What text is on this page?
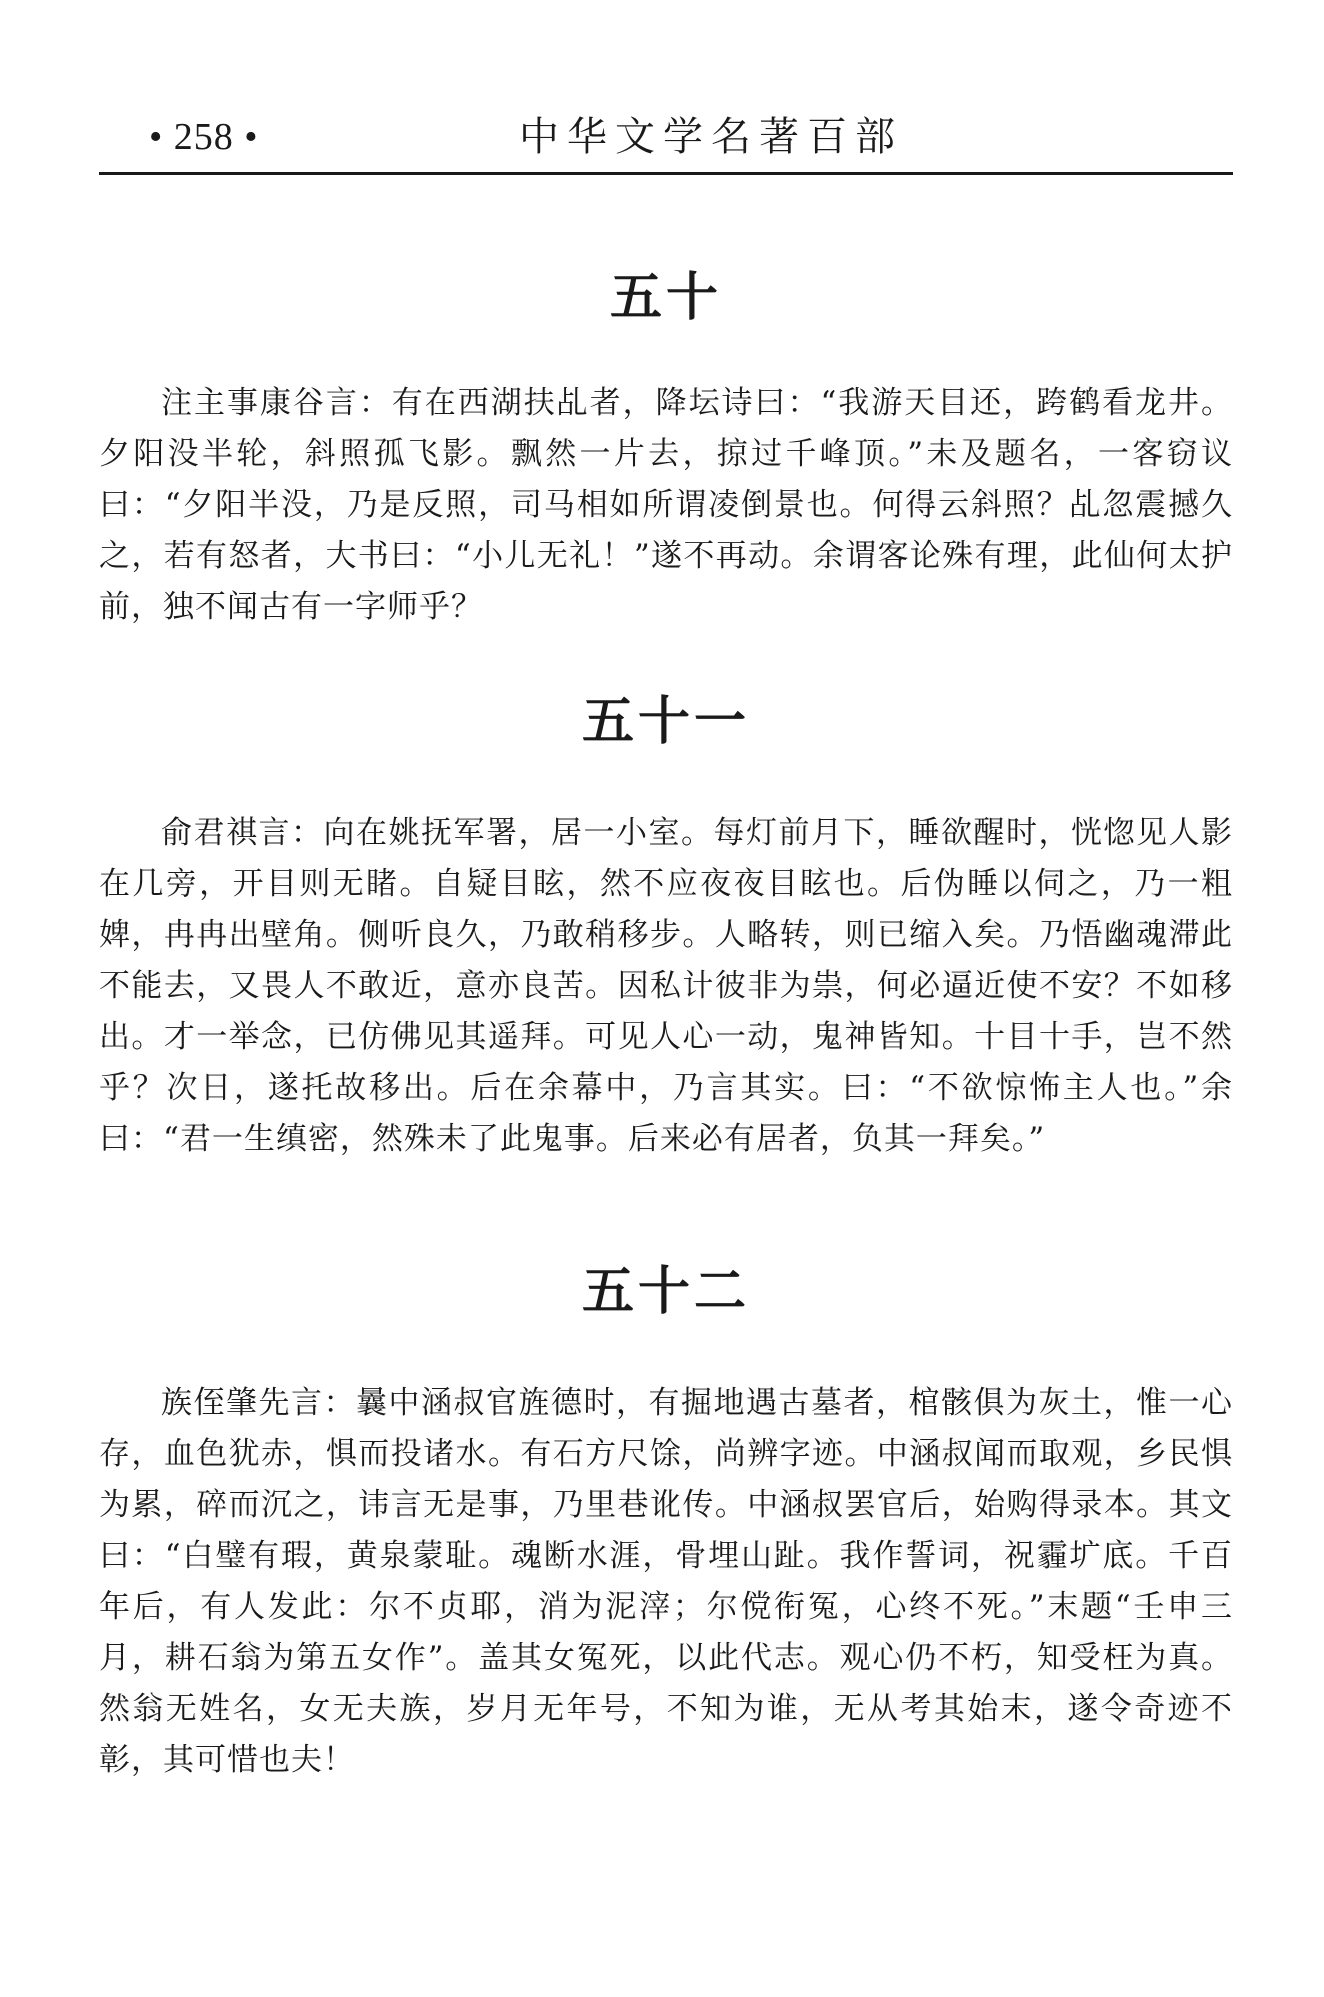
• 258 •	中华文学名著百部
五十

注主事康谷言：有在西湖扶乩者，降坛诗曰：“我游天目还，跨鹤看龙井。夕阳没半轮，斜照孤飞影。飘然一片去，掠过千峰顶。”未及题名，一客窃议曰：“夕阳半没，乃是反照，司马相如所谓凌倒景也。何得云斜照？乩忽震撼久之，若有怒者，大书曰：“小儿无礼！”遂不再动。余谓客论殊有理，此仙何太护前，独不闻古有一字师乎？

五十一

俞君祺言：向在姚抚军署，居一小室。每灯前月下，睡欲醒时，恍惚见人影在几旁，开目则无睹。自疑目眩，然不应夜夜目眩也。后伪睡以伺之，乃一粗婢，冉冉出壁角。侧听良久，乃敢稍移步。人略转，则已缩入矣。乃悟幽魂滞此不能去，又畏人不敢近，意亦良苦。因私计彼非为祟，何必逼近使不安？不如移出。才一举念，已仿佛见其遥拜。可见人心一动，鬼神皆知。十目十手，岂不然乎？次日，遂托故移出。后在余幕中，乃言其实。曰：“不欲惊怖主人也。”余曰：“君一生缜密，然殊未了此鬼事。后来必有居者，负其一拜矣。”

五十二

族侄肇先言：曩中涵叔官旌德时，有掘地遇古墓者，棺骸俱为灰土，惟一心存，血色犹赤，惧而投诸水。有石方尺馀，尚辨字迹。中涵叔闻而取观，乡民惧为累，碎而沉之，讳言无是事，乃里巷讹传。中涵叔罢官后，始购得录本。其文曰：“白璧有瑕，黄泉蒙耻。魂断水涯，骨埋山趾。我作誓词，祝霾圹底。千百年后，有人发此：尔不贞耶，消为泥滓；尔傥衔冤，心终不死。”末题“壬申三月，耕石翁为第五女作”。盖其女冤死，以此代志。观心仍不朽，知受枉为真。然翁无姓名，女无夫族，岁月无年号，不知为谁，无从考其始末，遂令奇迹不彰，其可惜也夫！
